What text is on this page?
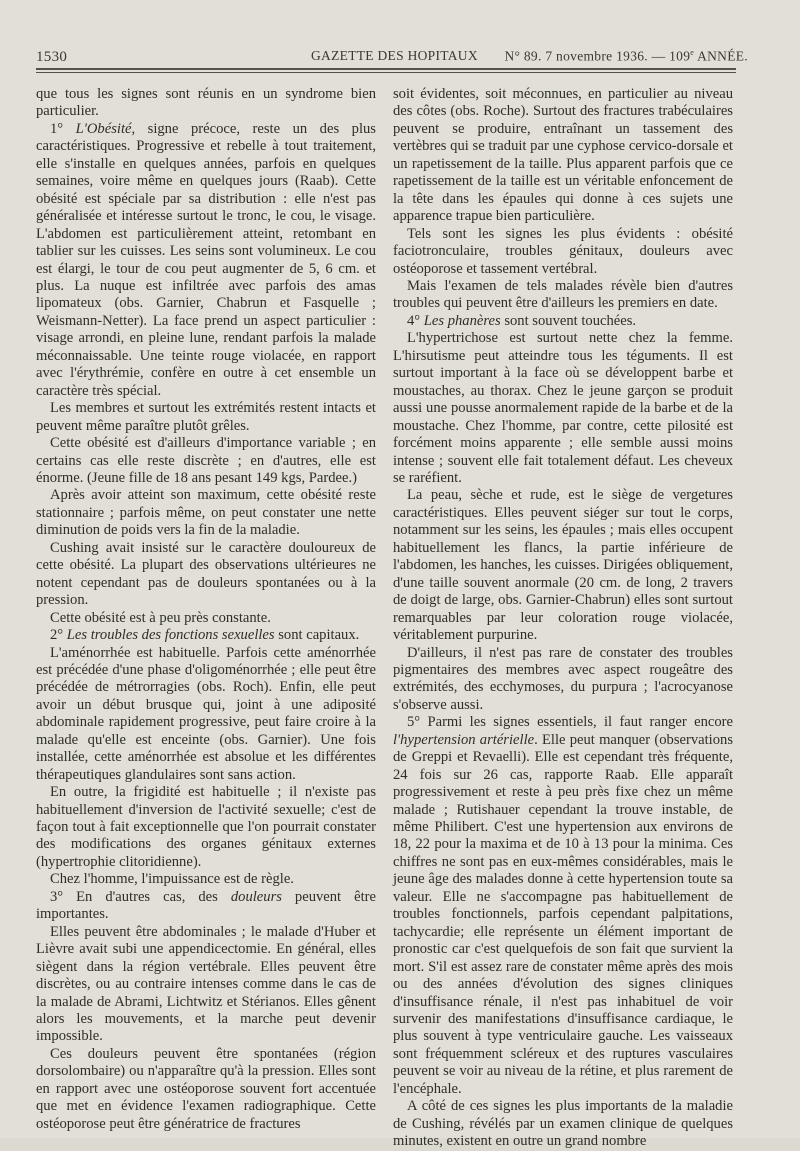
1530	GAZETTE DES HOPITAUX N° 89. 7 novembre 1936. — 109e ANNÉE.

que tous les signes sont réunis en un syndrome bien particulier.

1° L'Obésité, signe précoce, reste un des plus caractéristiques. Progressive et rebelle à tout traitement, elle s'installe en quelques années, parfois en quelques semaines, voire même en quelques jours (Raab). Cette obésité est spéciale par sa distribution : elle n'est pas généralisée et intéresse surtout le tronc, le cou, le visage. L'abdomen est particulièrement atteint, retombant en tablier sur les cuisses. Les seins sont volumineux. Le cou est élargi, le tour de cou peut augmenter de 5, 6 cm. et plus. La nuque est infiltrée avec parfois des amas lipomateux (obs. Garnier, Chabrun et Fasquelle ; Weismann-Netter). La face prend un aspect particulier : visage arrondi, en pleine lune, rendant parfois la malade méconnaissable. Une teinte rouge violacée, en rapport avec l'érythrémie, confère en outre à cet ensemble un caractère très spécial.

Les membres et surtout les extrémités restent intacts et peuvent même paraître plutôt grêles.

Cette obésité est d'ailleurs d'importance variable ; en certains cas elle reste discrète ; en d'autres, elle est énorme. (Jeune fille de 18 ans pesant 149 kgs, Pardee.)

Après avoir atteint son maximum, cette obésité reste stationnaire ; parfois même, on peut constater une nette diminution de poids vers la fin de la maladie.

Cushing avait insisté sur le caractère douloureux de cette obésité. La plupart des observations ultérieures ne notent cependant pas de douleurs spontanées ou à la pression.

Cette obésité est à peu près constante.

2° Les troubles des fonctions sexuelles sont capitaux.

L'aménorrhée est habituelle. Parfois cette aménorrhée est précédée d'une phase d'oligoménorrhée ; elle peut être précédée de métrorragies (obs. Roch). Enfin, elle peut avoir un début brusque qui, joint à une adiposité abdominale rapidement progressive, peut faire croire à la malade qu'elle est enceinte (obs. Garnier). Une fois installée, cette aménorrhée est absolue et les différentes thérapeutiques glandulaires sont sans action.

En outre, la frigidité est habituelle ; il n'existe pas habituellement d'inversion de l'activité sexuelle; c'est de façon tout à fait exceptionnelle que l'on pourrait constater des modifications des organes génitaux externes (hypertrophie clitoridienne).

Chez l'homme, l'impuissance est de règle.

3° En d'autres cas, des douleurs peuvent être importantes.

Elles peuvent être abdominales ; le malade d'Huber et Lièvre avait subi une appendicectomie. En général, elles siègent dans la région vertébrale. Elles peuvent être discrètes, ou au contraire intenses comme dans le cas de la malade de Abrami, Lichtwitz et Stérianos. Elles gênent alors les mouvements, et la marche peut devenir impossible.

Ces douleurs peuvent être spontanées (région dorsolombaire) ou n'apparaître qu'à la pression. Elles sont en rapport avec une ostéoporose souvent fort accentuée que met en évidence l'examen radiographique. Cette ostéoporose peut être génératrice de fractures

soit évidentes, soit méconnues, en particulier au niveau des côtes (obs. Roche). Surtout des fractures trabéculaires peuvent se produire, entraînant un tassement des vertèbres qui se traduit par une cyphose cervico-dorsale et un rapetissement de la taille. Plus apparent parfois que ce rapetissement de la taille est un véritable enfoncement de la tête dans les épaules qui donne à ces sujets une apparence trapue bien particulière.

Tels sont les signes les plus évidents : obésité faciotronculaire, troubles génitaux, douleurs avec ostéoporose et tassement vertébral.

Mais l'examen de tels malades révèle bien d'autres troubles qui peuvent être d'ailleurs les premiers en date.

4° Les phanères sont souvent touchées.

L'hypertrichose est surtout nette chez la femme. L'hirsutisme peut atteindre tous les téguments. Il est surtout important à la face où se développent barbe et moustaches, au thorax. Chez le jeune garçon se produit aussi une pousse anormalement rapide de la barbe et de la moustache. Chez l'homme, par contre, cette pilosité est forcément moins apparente ; elle semble aussi moins intense ; souvent elle fait totalement défaut. Les cheveux se raréfient.

La peau, sèche et rude, est le siège de vergetures caractéristiques. Elles peuvent siéger sur tout le corps, notamment sur les seins, les épaules ; mais elles occupent habituellement les flancs, la partie inférieure de l'abdomen, les hanches, les cuisses. Dirigées obliquement, d'une taille souvent anormale (20 cm. de long, 2 travers de doigt de large, obs. Garnier-Chabrun) elles sont surtout remarquables par leur coloration rouge violacée, véritablement purpurine.

D'ailleurs, il n'est pas rare de constater des troubles pigmentaires des membres avec aspect rougeâtre des extrémités, des ecchymoses, du purpura ; l'acrocyanose s'observe aussi.

5° Parmi les signes essentiels, il faut ranger encore l'hypertension artérielle. Elle peut manquer (observations de Greppi et Revaelli). Elle est cependant très fréquente, 24 fois sur 26 cas, rapporte Raab. Elle apparaît progressivement et reste à peu près fixe chez un même malade ; Rutishauer cependant la trouve instable, de même Philibert. C'est une hypertension aux environs de 18, 22 pour la maxima et de 10 à 13 pour la minima. Ces chiffres ne sont pas en eux-mêmes considérables, mais le jeune âge des malades donne à cette hypertension toute sa valeur. Elle ne s'accompagne pas habituellement de troubles fonctionnels, parfois cependant palpitations, tachycardie; elle représente un élément important de pronostic car c'est quelquefois de son fait que survient la mort. S'il est assez rare de constater même après des mois ou des années d'évolution des signes cliniques d'insuffisance rénale, il n'est pas inhabituel de voir survenir des manifestations d'insuffisance cardiaque, le plus souvent à type ventriculaire gauche. Les vaisseaux sont fréquemment scléreux et des ruptures vasculaires peuvent se voir au niveau de la rétine, et plus rarement de l'encéphale.

A côté de ces signes les plus importants de la maladie de Cushing, révélés par un examen clinique de quelques minutes, existent en outre un grand nombre
